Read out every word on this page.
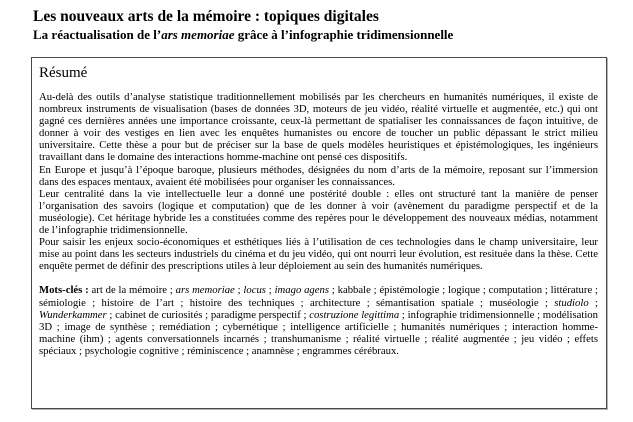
Les nouveaux arts de la mémoire : topiques digitales
La réactualisation de l’ars memoriae grâce à l’infographie tridimensionnelle
Résumé

Au-delà des outils d’analyse statistique traditionnellement mobilisés par les chercheurs en humanités numériques, il existe de nombreux instruments de visualisation (bases de données 3D, moteurs de jeu vidéo, réalité virtuelle et augmentée, etc.) qui ont gagné ces dernières années une importance croissante, ceux-là permettant de spatialiser les connaissances de façon intuitive, de donner à voir des vestiges en lien avec les enquêtes humanistes ou encore de toucher un public dépassant le strict milieu universitaire. Cette thèse a pour but de préciser sur la base de quels modèles heuristiques et épistémologiques, les ingénieurs travaillant dans le domaine des interactions homme-machine ont pensé ces dispositifs.

En Europe et jusqu’à l’époque baroque, plusieurs méthodes, désignées du nom d’arts de la mémoire, reposant sur l’immersion dans des espaces mentaux, avaient été mobilisées pour organiser les connaissances.

Leur centralité dans la vie intellectuelle leur a donné une postérité double : elles ont structuré tant la manière de penser l’organisation des savoirs (logique et computation) que de les donner à voir (avènement du paradigme perspectif et de la muséologie). Cet héritage hybride les a constituées comme des repères pour le développement des nouveaux médias, notamment de l’infographie tridimensionnelle.

Pour saisir les enjeux socio-économiques et esthétiques liés à l’utilisation de ces technologies dans le champ universitaire, leur mise au point dans les secteurs industriels du cinéma et du jeu vidéo, qui ont nourri leur évolution, est resituée dans la thèse. Cette enquête permet de définir des prescriptions utiles à leur déploiement au sein des humanités numériques.

Mots-clés : art de la mémoire ; ars memoriae ; locus ; imago agens ; kabbale ; épistémologie ; logique ; computation ; littérature ; sémiologie ; histoire de l’art ; histoire des techniques ; architecture ; sémantisation spatiale ; muséologie ; studiolo ; Wunderkammer ; cabinet de curiosités ; paradigme perspectif ; costruzione legittima ; infographie tridimensionnelle ; modélisation 3D ; image de synthèse ; remédiation ; cybernétique ; intelligence artificielle ; humanités numériques ; interaction homme-machine (ihm) ; agents conversationnels incarnés ; transhumanisme ; réalité virtuelle ; réalité augmentée ; jeu vidéo ; effets spéciaux ; psychologie cognitive ; réminiscence ; anamnèse ; engrammes cérébraux.
